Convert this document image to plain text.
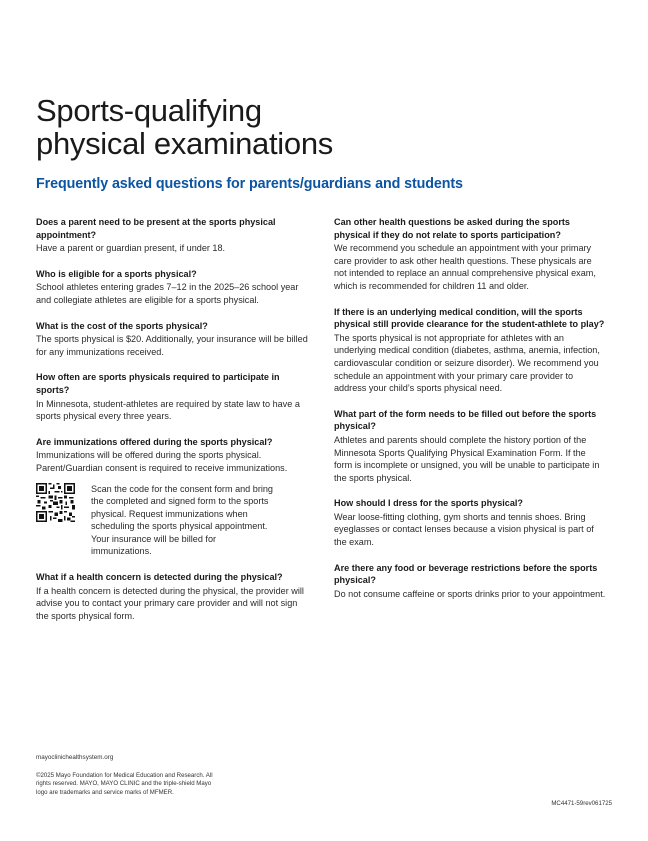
Sports-qualifying
physical examinations
Frequently asked questions for parents/guardians and students
Does a parent need to be present at the sports physical appointment?
Have a parent or guardian present, if under 18.
Who is eligible for a sports physical?
School athletes entering grades 7–12 in the 2025–26 school year and collegiate athletes are eligible for a sports physical.
What is the cost of the sports physical?
The sports physical is $20. Additionally, your insurance will be billed for any immunizations received.
How often are sports physicals required to participate in sports?
In Minnesota, student-athletes are required by state law to have a sports physical every three years.
Are immunizations offered during the sports physical?
Immunizations will be offered during the sports physical. Parent/Guardian consent is required to receive immunizations.
Scan the code for the consent form and bring the completed and signed form to the sports physical. Request immunizations when scheduling the sports physical appointment. Your insurance will be billed for immunizations.
What if a health concern is detected during the physical?
If a health concern is detected during the physical, the provider will advise you to contact your primary care provider and will not sign the sports physical form.
Can other health questions be asked during the sports physical if they do not relate to sports participation?
We recommend you schedule an appointment with your primary care provider to ask other health questions. These physicals are not intended to replace an annual comprehensive physical exam, which is recommended for children 11 and older.
If there is an underlying medical condition, will the sports physical still provide clearance for the student-athlete to play?
The sports physical is not appropriate for athletes with an underlying medical condition (diabetes, asthma, anemia, infection, cardiovascular condition or seizure disorder). We recommend you schedule an appointment with your primary care provider to address your child’s sports physical need.
What part of the form needs to be filled out before the sports physical?
Athletes and parents should complete the history portion of the Minnesota Sports Qualifying Physical Examination Form. If the form is incomplete or unsigned, you will be unable to participate in the sports physical.
How should I dress for the sports physical?
Wear loose-fitting clothing, gym shorts and tennis shoes. Bring eyeglasses or contact lenses because a vision physical is part of the exam.
Are there any food or beverage restrictions before the sports physical?
Do not consume caffeine or sports drinks prior to your appointment.
mayoclinichealthsystem.org
©2025 Mayo Foundation for Medical Education and Research. All rights reserved. MAYO, MAYO CLINIC and the triple-shield Mayo logo are trademarks and service marks of MFMER.
MC4471-59rev061725
